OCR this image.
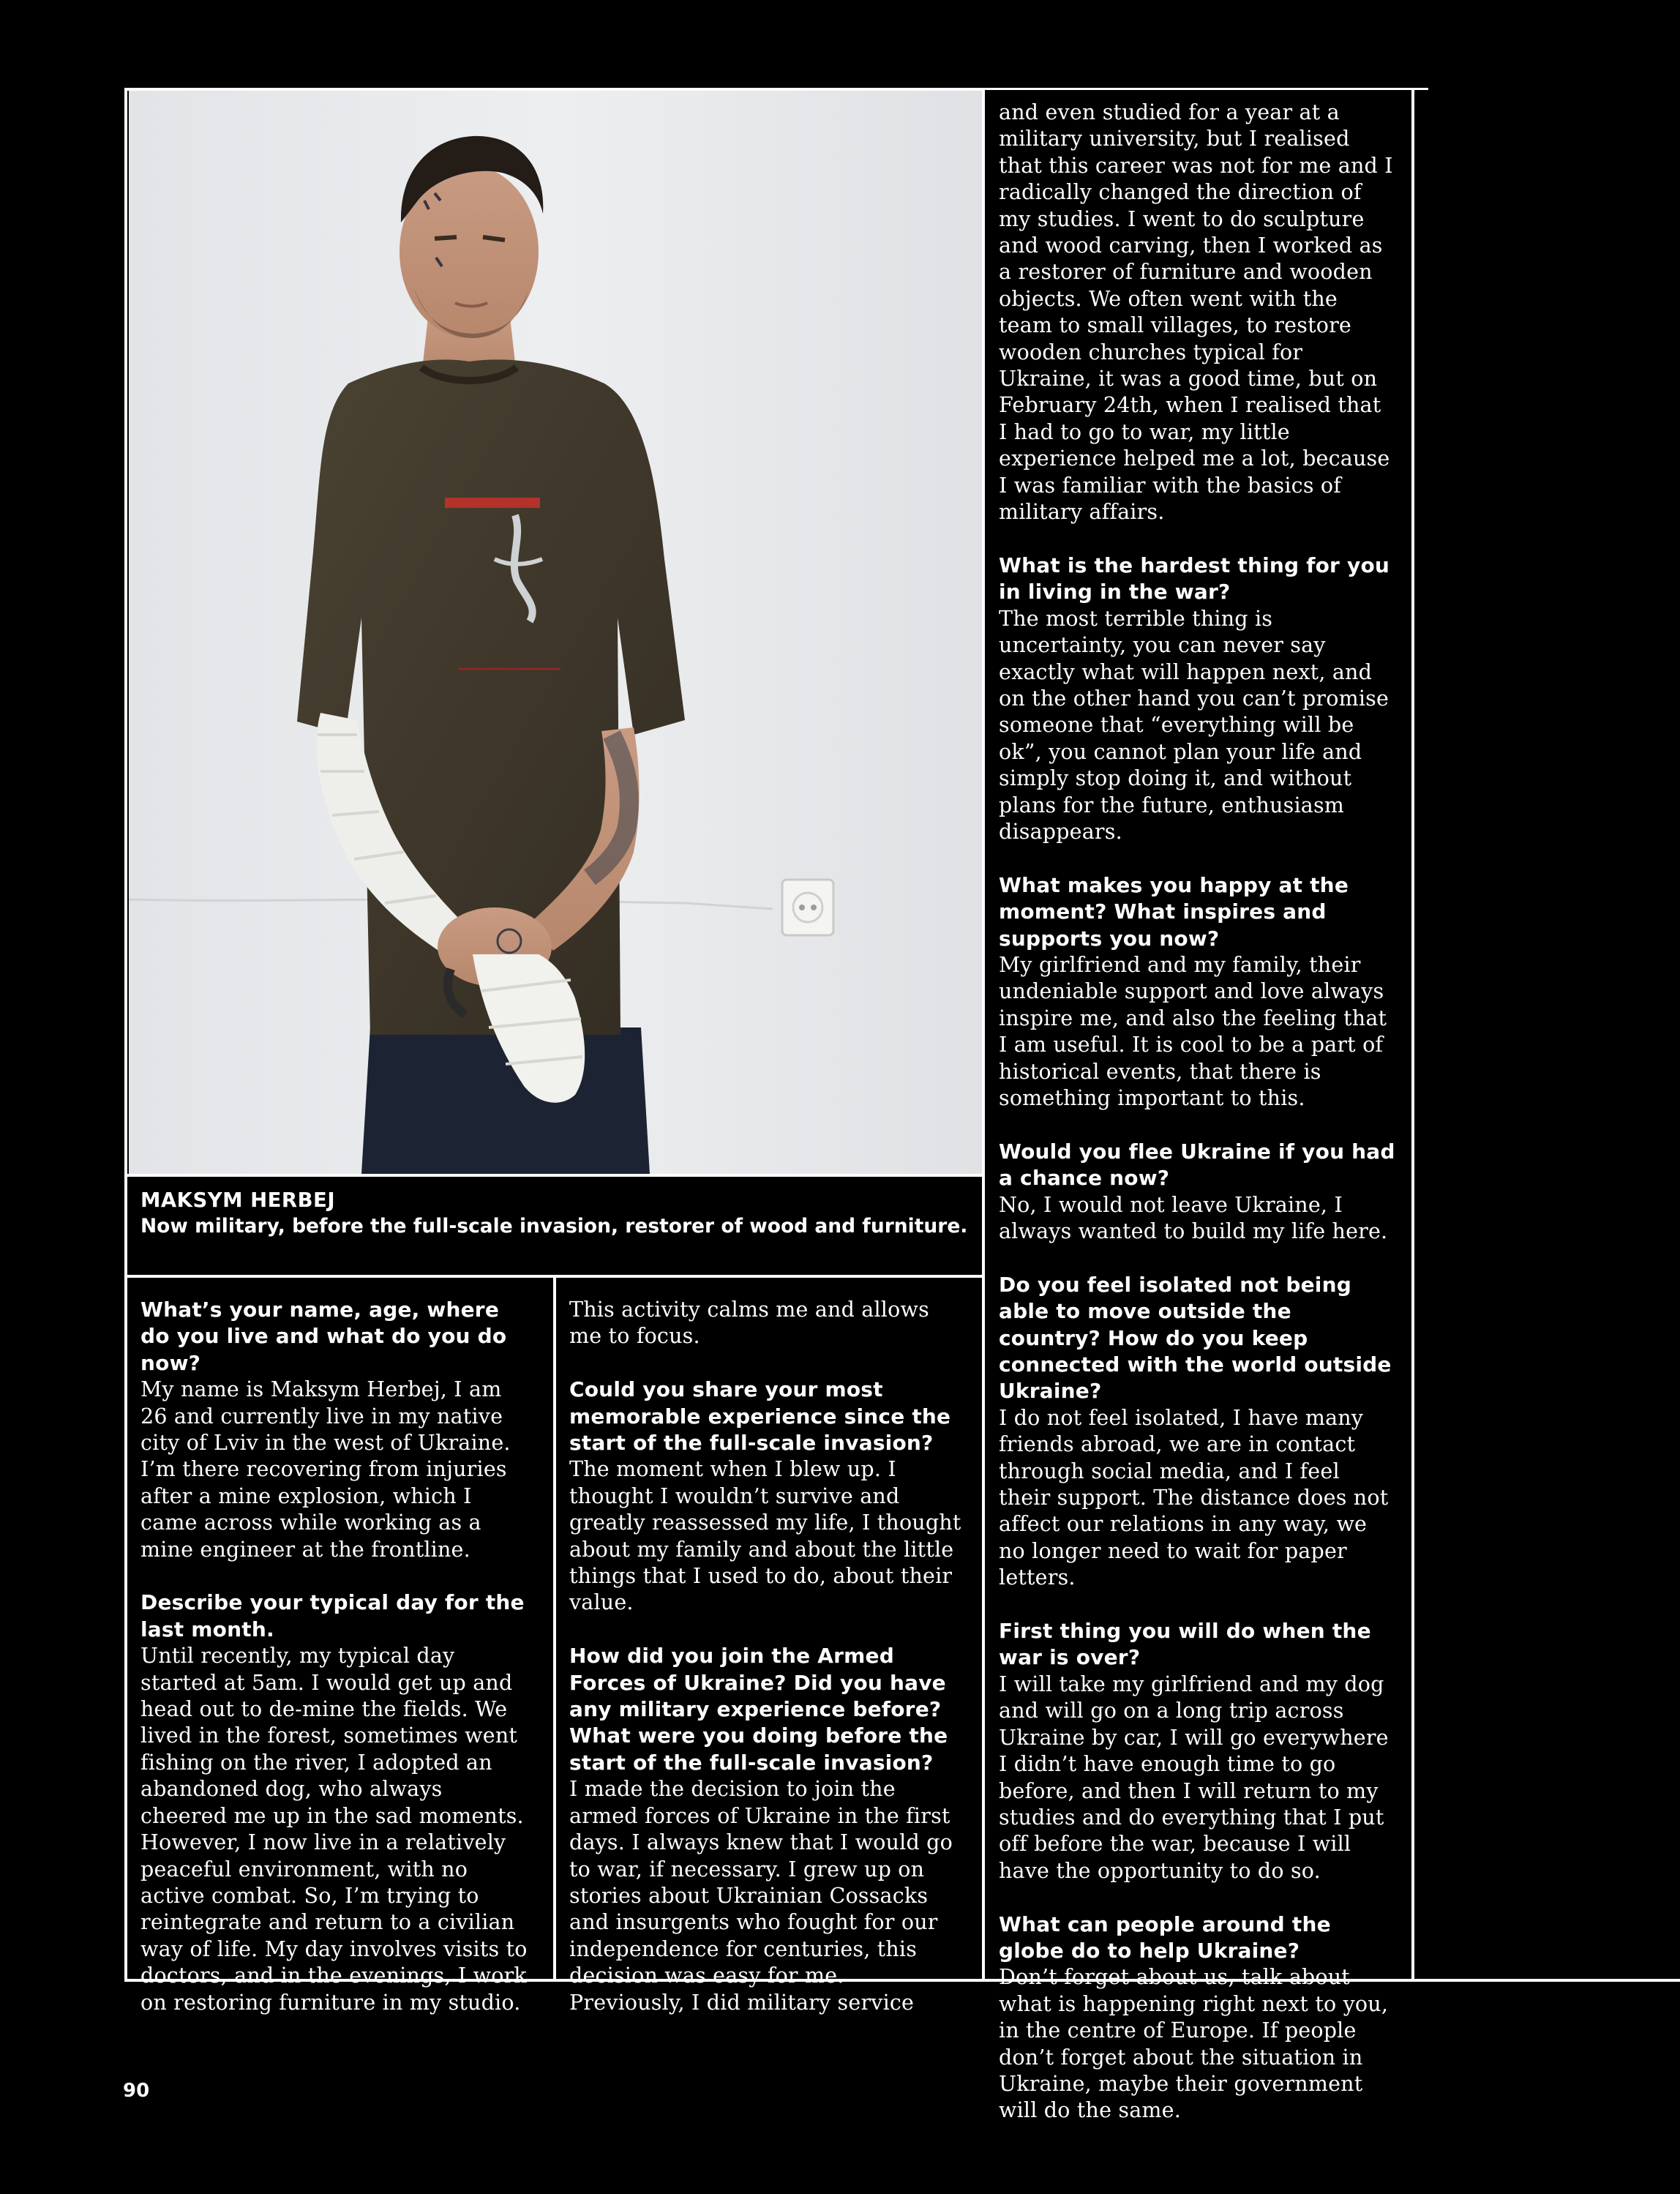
MAKSYM HERBEJ
Now military, before the full-scale invasion, restorer of wood and furniture.

What’s your name, age, where do you live and what do you do now?
My name is Maksym Herbej, I am 26 and currently live in my native city of Lviv in the west of Ukraine. I’m there recovering from injuries after a mine explosion, which I came across while working as a mine engineer at the frontline.

Describe your typical day for the last month.
Until recently, my typical day started at 5am. I would get up and head out to de-mine the fields. We lived in the forest, sometimes went fishing on the river, I adopted an abandoned dog, who always cheered me up in the sad moments. However, I now live in a relatively peaceful environment, with no active combat. So, I’m trying to reintegrate and return to a civilian way of life. My day involves visits to doctors, and in the evenings, I work on restoring furniture in my studio.

This activity calms me and allows me to focus.

Could you share your most memorable experience since the start of the full-scale invasion?
The moment when I blew up. I thought I wouldn’t survive and greatly reassessed my life, I thought about my family and about the little things that I used to do, about their value.

How did you join the Armed Forces of Ukraine? Did you have any military experience before? What were you doing before the start of the full-scale invasion?
I made the decision to join the armed forces of Ukraine in the first days. I always knew that I would go to war, if necessary. I grew up on stories about Ukrainian Cossacks and insurgents who fought for our independence for centuries, this decision was easy for me. Previously, I did military service

and even studied for a year at a military university, but I realised that this career was not for me and I radically changed the direction of my studies. I went to do sculpture and wood carving, then I worked as a restorer of furniture and wooden objects. We often went with the team to small villages, to restore wooden churches typical for Ukraine, it was a good time, but on February 24th, when I realised that I had to go to war, my little experience helped me a lot, because I was familiar with the basics of military affairs.

What is the hardest thing for you in living in the war?
The most terrible thing is uncertainty, you can never say exactly what will happen next, and on the other hand you can’t promise someone that “everything will be ok”, you cannot plan your life and simply stop doing it, and without plans for the future, enthusiasm disappears.

What makes you happy at the moment? What inspires and supports you now?
My girlfriend and my family, their undeniable support and love always inspire me, and also the feeling that I am useful. It is cool to be a part of historical events, that there is something important to this.

Would you flee Ukraine if you had a chance now?
No, I would not leave Ukraine, I always wanted to build my life here.

Do you feel isolated not being able to move outside the country? How do you keep connected with the world outside Ukraine?
I do not feel isolated, I have many friends abroad, we are in contact through social media, and I feel their support. The distance does not affect our relations in any way, we no longer need to wait for paper letters.

First thing you will do when the war is over?
I will take my girlfriend and my dog and will go on a long trip across Ukraine by car, I will go everywhere I didn’t have enough time to go before, and then I will return to my studies and do everything that I put off before the war, because I will have the opportunity to do so.

What can people around the globe do to help Ukraine?
Don’t forget about us, talk about what is happening right next to you, in the centre of Europe. If people don’t forget about the situation in Ukraine, maybe their government will do the same.

90
